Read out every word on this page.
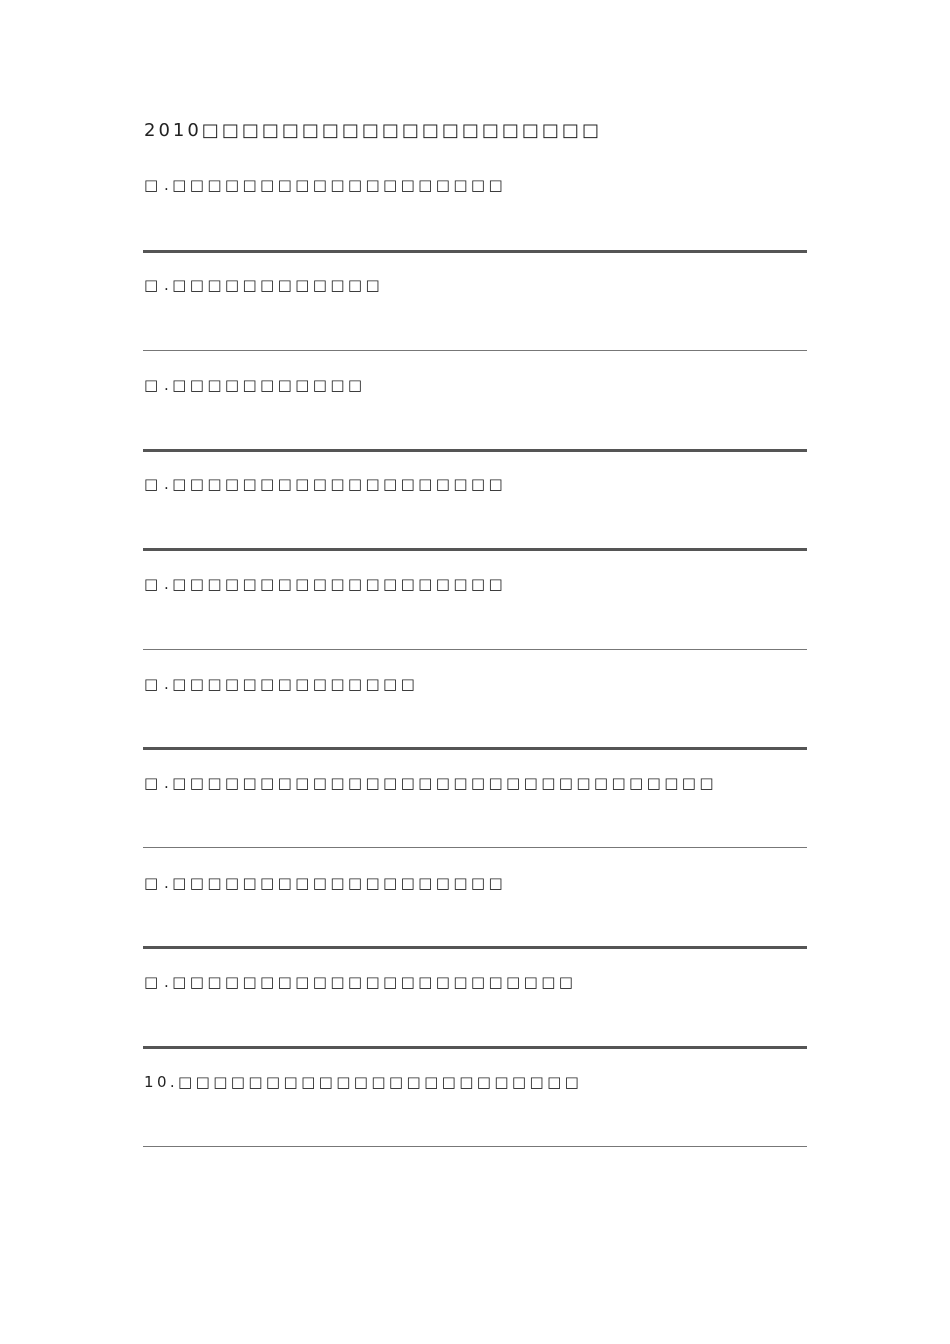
2010□□□□□□□□□□□□□□□□□□□□
□ .□□□□□□□□□□□□□□□□□□□
□ .□□□□□□□□□□□□
□ .□□□□□□□□□□□
□ .□□□□□□□□□□□□□□□□□□□
□ .□□□□□□□□□□□□□□□□□□□
□ .□□□□□□□□□□□□□□
□ .□□□□□□□□□□□□□□□□□□□□□□□□□□□□□□□
□ .□□□□□□□□□□□□□□□□□□□
□ .□□□□□□□□□□□□□□□□□□□□□□□
10.□□□□□□□□□□□□□□□□□□□□□□□
